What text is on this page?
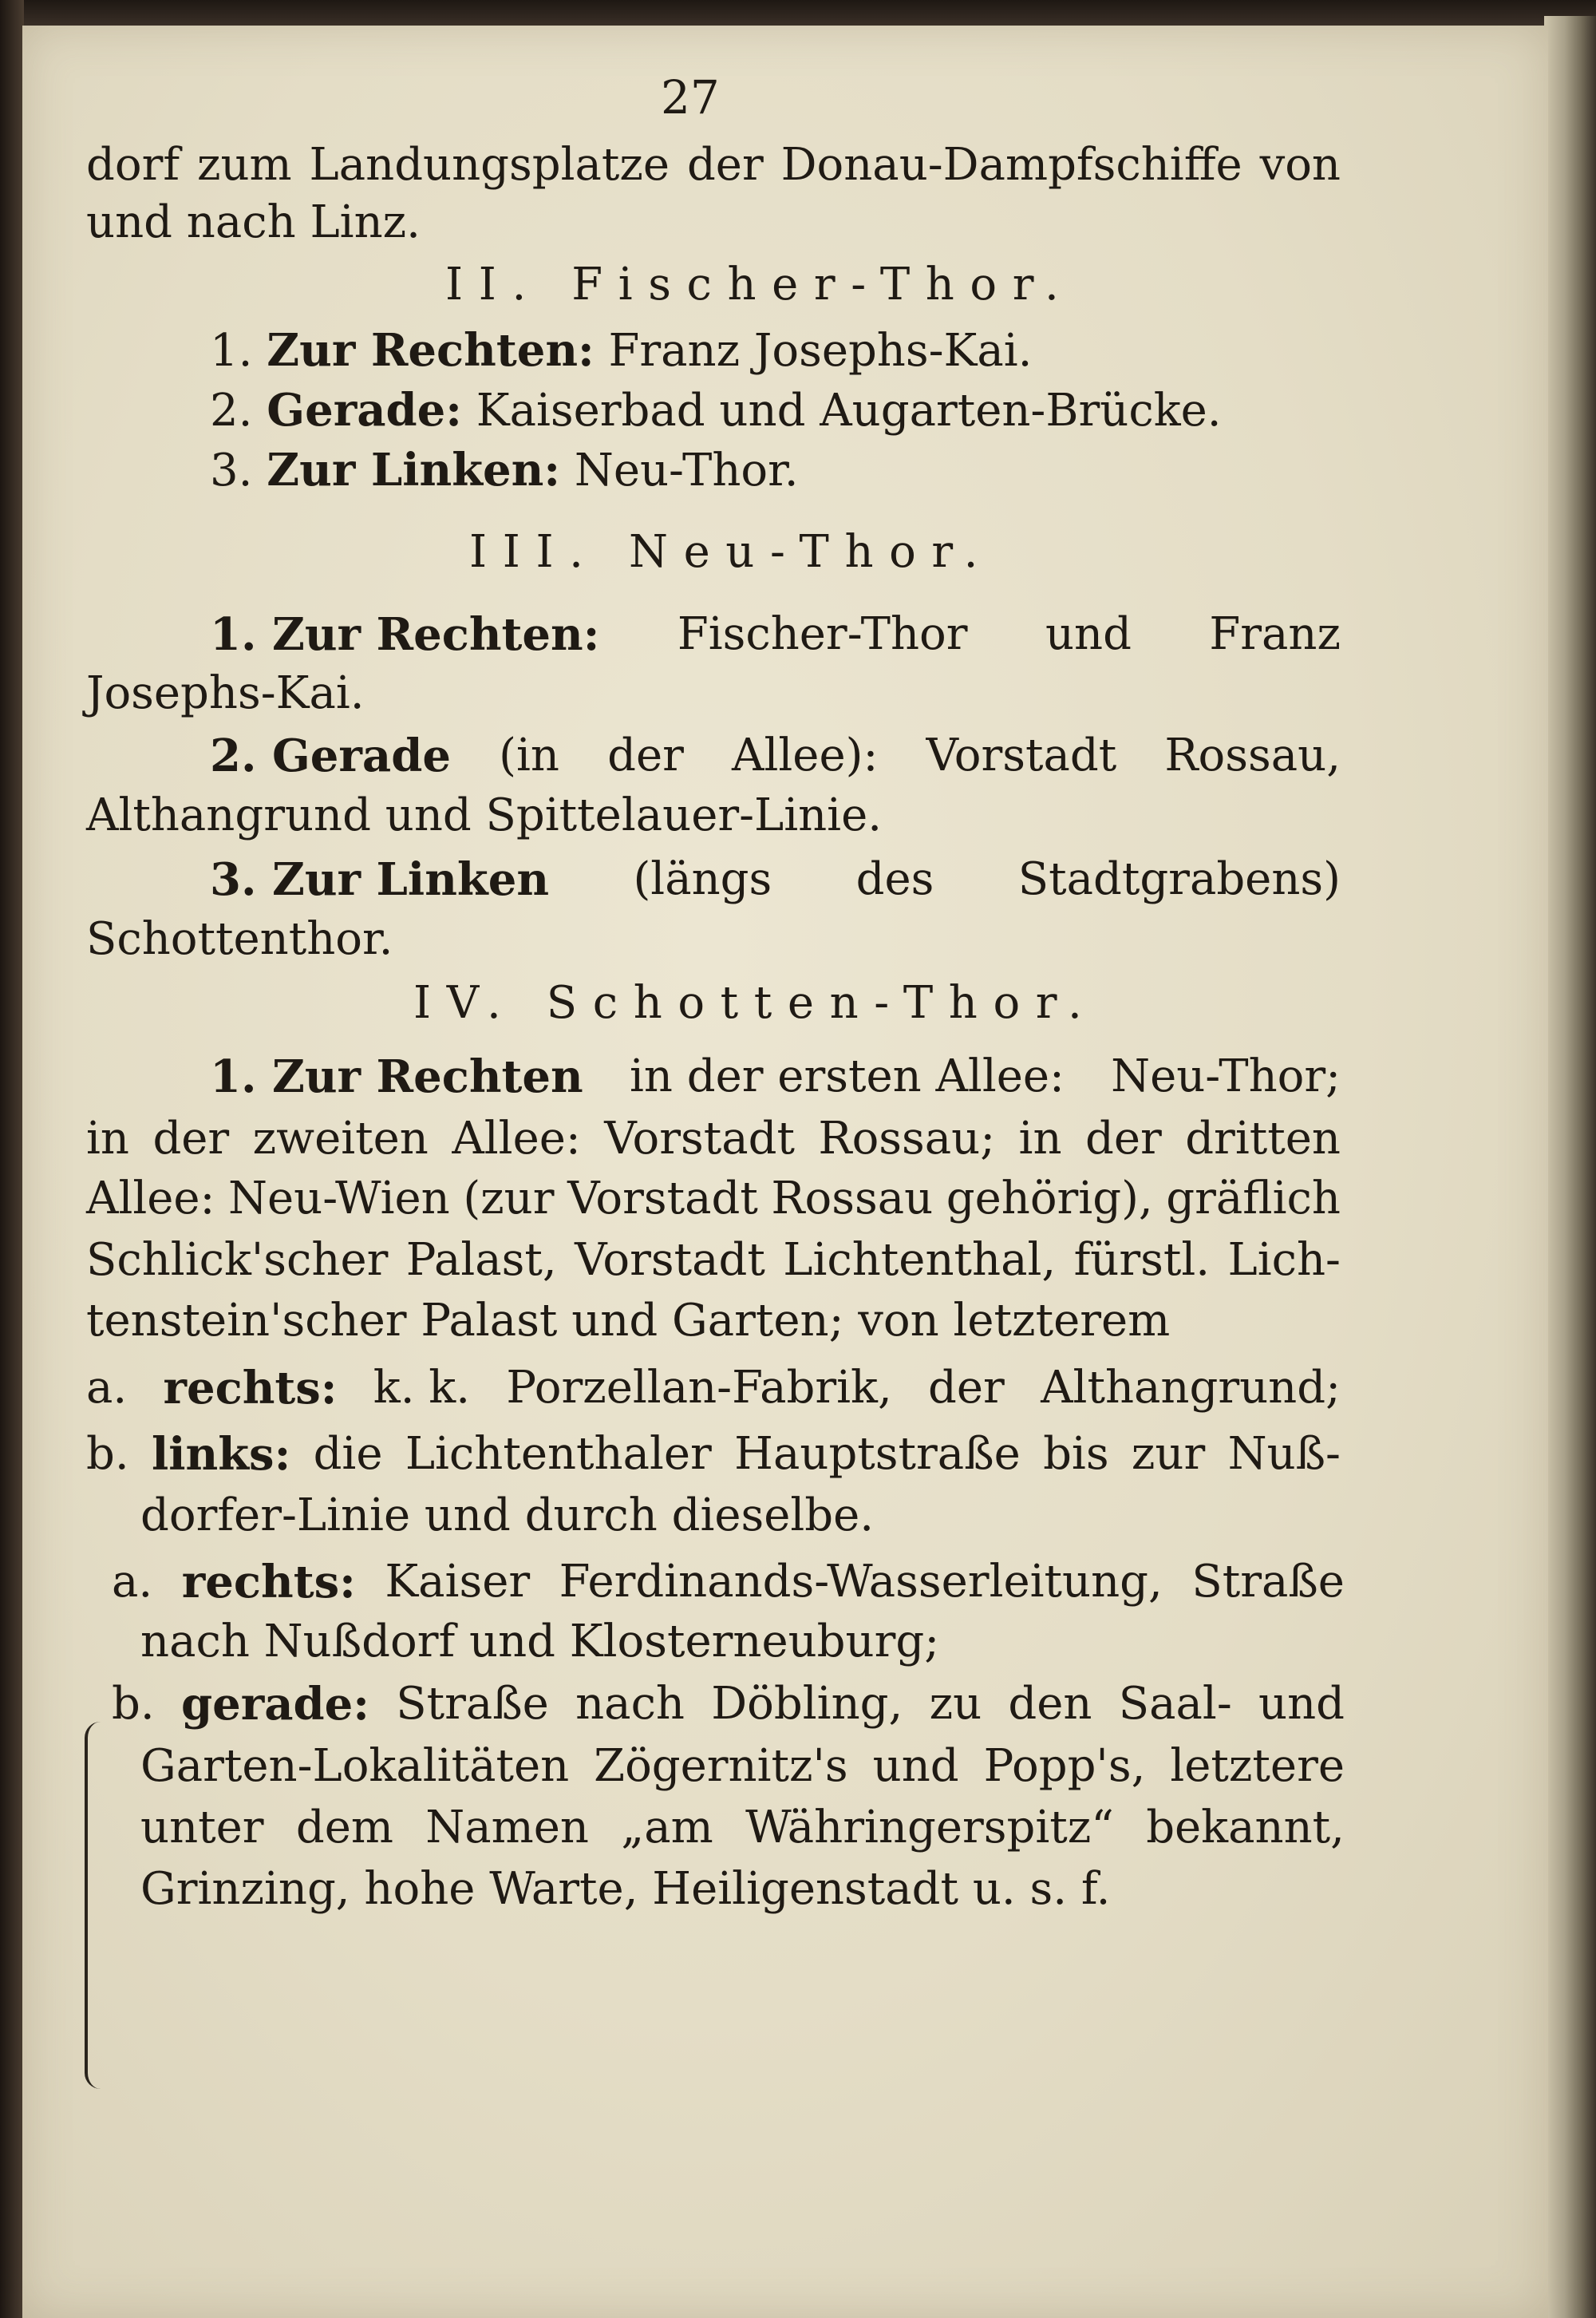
27

dorf zum Landungsplatze der Donau-Dampfschiffe von

und nach Linz.

II. Fischer-Thor.

1. Zur Rechten: Franz Josephs-Kai.

2. Gerade: Kaiserbad und Augarten-Brücke.

3. Zur Linken: Neu-Thor.

III. Neu-Thor.

1. Zur Rechten: Fischer-Thor und Franz

Josephs-Kai.

2. Gerade (in der Allee): Vorstadt Rossau,

Althangrund und Spittelauer-Linie.

3. Zur Linken (längs des Stadtgrabens)

Schottenthor.

IV. Schotten-Thor.

1. Zur Rechten in der ersten Allee: Neu-Thor;

in der zweiten Allee: Vorstadt Rossau; in der dritten

Allee: Neu-Wien (zur Vorstadt Rossau gehörig), gräflich

Schlick'scher Palast, Vorstadt Lichtenthal, fürstl. Lich-

tenstein'scher Palast und Garten; von letzterem

a. rechts: k. k. Porzellan-Fabrik, der Althangrund;

b. links: die Lichtenthaler Hauptstraße bis zur Nuß-

dorfer-Linie und durch dieselbe.

a. rechts: Kaiser Ferdinands-Wasserleitung, Straße

nach Nußdorf und Klosterneuburg;

b. gerade: Straße nach Döbling, zu den Saal- und

Garten-Lokalitäten Zögernitz's und Popp's, letztere

unter dem Namen „am Währingerspitz“ bekannt,

Grinzing, hohe Warte, Heiligenstadt u. s. f.
